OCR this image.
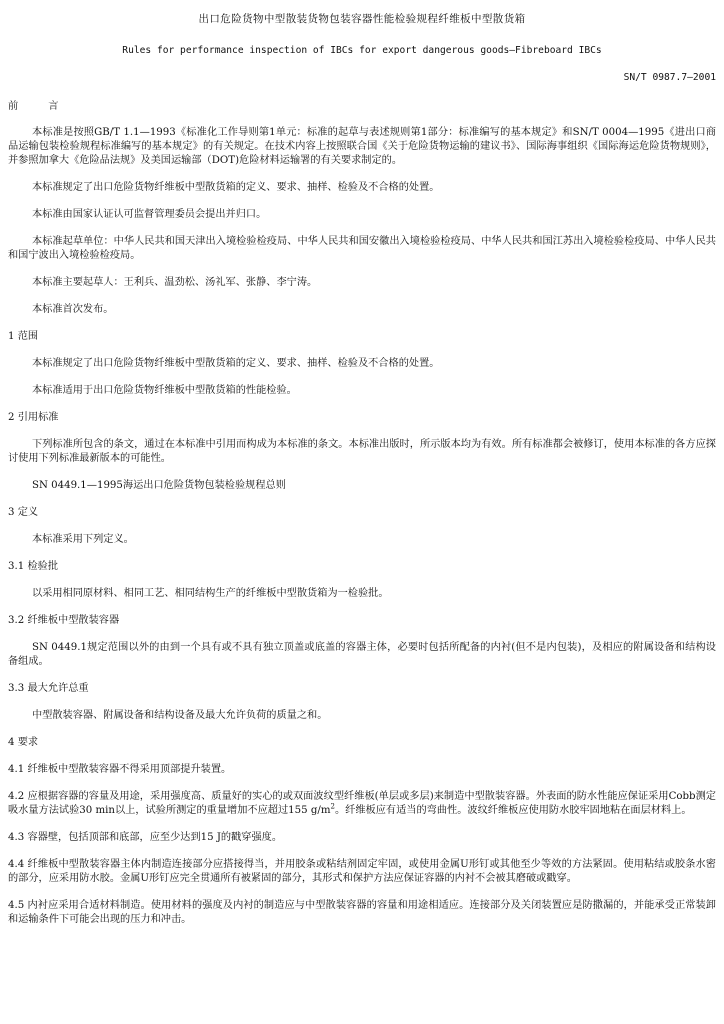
出口危险货物中型散装货物包装容器性能检验规程纤维板中型散货箱
Rules for performance inspection of IBCs for export dangerous goods—Fibreboard IBCs
SN/T 0987.7—2001
前	言

本标准是按照GB/T 1.1—1993《标准化工作导则第1单元：标准的起草与表述规则第1部分：标准编写的基本规定》和SN/T 0004—1995《进出口商品运输包装检验规程标准编写的基本规定》的有关规定。在技术内容上按照联合国《关于危险货物运输的建议书》、国际海事组织《国际海运危险货物规则》，并参照加拿大《危险品法规》及美国运输部（DOT)危险材料运输署的有关要求制定的。

本标准规定了出口危险货物纤维板中型散货箱的定义、要求、抽样、检验及不合格的处置。

本标准由国家认证认可监督管理委员会提出并归口。

本标准起草单位：中华人民共和国天津出入境检验检疫局、中华人民共和国安徽出入境检验检疫局、中华人民共和国江苏出入境检验检疫局、中华人民共和国宁波出入境检验检疫局。

本标准主要起草人：王利兵、温劲松、汤礼军、张静、李宁涛。

本标准首次发布。

1 范围

本标准规定了出口危险货物纤维板中型散货箱的定义、要求、抽样、检验及不合格的处置。

本标准适用于出口危险货物纤维板中型散货箱的性能检验。

2 引用标准

下列标准所包含的条文，通过在本标准中引用而构成为本标准的条文。本标准出版时，所示版本均为有效。所有标准都会被修订，使用本标准的各方应探讨使用下列标准最新版本的可能性。

SN 0449.1—1995海运出口危险货物包装检验规程总则

3 定义

本标准采用下列定义。

3.1 检验批

以采用相同原材料、相同工艺、相同结构生产的纤维板中型散货箱为一检验批。

3.2 纤维板中型散装容器

SN 0449.1规定范围以外的由到一个具有或不具有独立顶盖或底盖的容器主体，必要时包括所配备的内衬(但不是内包装)，及相应的附属设备和结构设备组成。

3.3 最大允许总重

中型散装容器、附属设备和结构设备及最大允许负荷的质量之和。

4 要求

4.1 纤维板中型散装容器不得采用顶部提升装置。

4.2 应根据容器的容量及用途，采用强度高、质量好的实心的或双面波纹型纤维板(单层或多层)来制造中型散装容器。外表面的防水性能应保证采用Cobb测定吸水量方法试验30 min以上，试验所测定的重量增加不应超过155 $g/m^2$。纤维板应有适当的弯曲性。波纹纤维板应使用防水胶牢固地粘在面层材料上。

4.3 容器壁，包括顶部和底部，应至少达到15 J的戳穿强度。

4.4 纤维板中型散装容器主体内制造连接部分应搭接得当，并用胶条或粘结剂固定牢固，或使用金属U形钉或其他至少等效的方法紧固。使用粘结或胶条水密的部分，应采用防水胶。金属U形钉应完全贯通所有被紧固的部分，其形式和保护方法应保证容器的内衬不会被其磨破或戳穿。

4.5 内衬应采用合适材料制造。使用材料的强度及内衬的制造应与中型散装容器的容量和用途相适应。连接部分及关闭装置应是防撒漏的，并能承受正常装卸和运输条件下可能会出现的压力和冲击。
